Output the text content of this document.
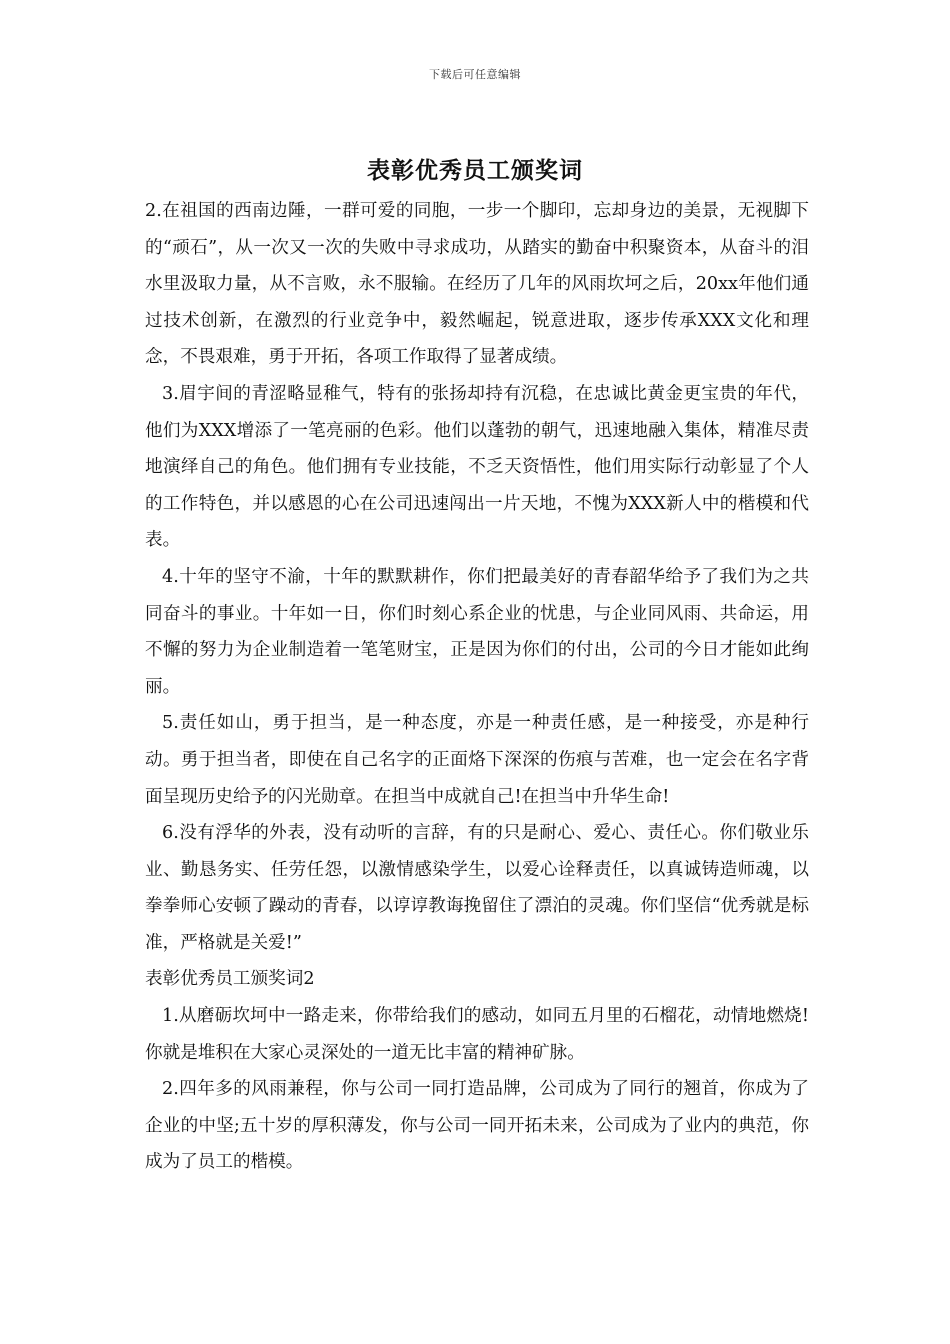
下载后可任意编辑
表彰优秀员工颁奖词

2.在祖国的西南边陲，一群可爱的同胞，一步一个脚印，忘却身边的美景，无视脚下的“顽石”，从一次又一次的失败中寻求成功，从踏实的勤奋中积聚资本，从奋斗的泪水里汲取力量，从不言败，永不服输。在经历了几年的风雨坎坷之后，20xx年他们通过技术创新，在激烈的行业竞争中，毅然崛起，锐意进取，逐步传承XXX文化和理念，不畏艰难，勇于开拓，各项工作取得了显著成绩。

3.眉宇间的青涩略显稚气，特有的张扬却持有沉稳，在忠诚比黄金更宝贵的年代，他们为XXX增添了一笔亮丽的色彩。他们以蓬勃的朝气，迅速地融入集体，精准尽责地演绎自己的角色。他们拥有专业技能，不乏天资悟性，他们用实际行动彰显了个人的工作特色，并以感恩的心在公司迅速闯出一片天地，不愧为XXX新人中的楷模和代表。

4.十年的坚守不渝，十年的默默耕作，你们把最美好的青春韶华给予了我们为之共同奋斗的事业。十年如一日，你们时刻心系企业的忧患，与企业同风雨、共命运，用不懈的努力为企业制造着一笔笔财宝，正是因为你们的付出，公司的今日才能如此绚丽。

5.责任如山，勇于担当，是一种态度，亦是一种责任感，是一种接受，亦是种行动。勇于担当者，即使在自己名字的正面烙下深深的伤痕与苦难，也一定会在名字背面呈现历史给予的闪光勋章。在担当中成就自己!在担当中升华生命!

6.没有浮华的外表，没有动听的言辞，有的只是耐心、爱心、责任心。你们敬业乐业、勤恳务实、任劳任怨，以激情感染学生，以爱心诠释责任，以真诚铸造师魂，以拳拳师心安顿了躁动的青春，以谆谆教诲挽留住了漂泊的灵魂。你们坚信“优秀就是标准，严格就是关爱!”

表彰优秀员工颁奖词2

1.从磨砺坎坷中一路走来，你带给我们的感动，如同五月里的石榴花，动情地燃烧!你就是堆积在大家心灵深处的一道无比丰富的精神矿脉。

2.四年多的风雨兼程，你与公司一同打造品牌，公司成为了同行的翘首，你成为了企业的中坚;五十岁的厚积薄发，你与公司一同开拓未来，公司成为了业内的典范，你成为了员工的楷模。
